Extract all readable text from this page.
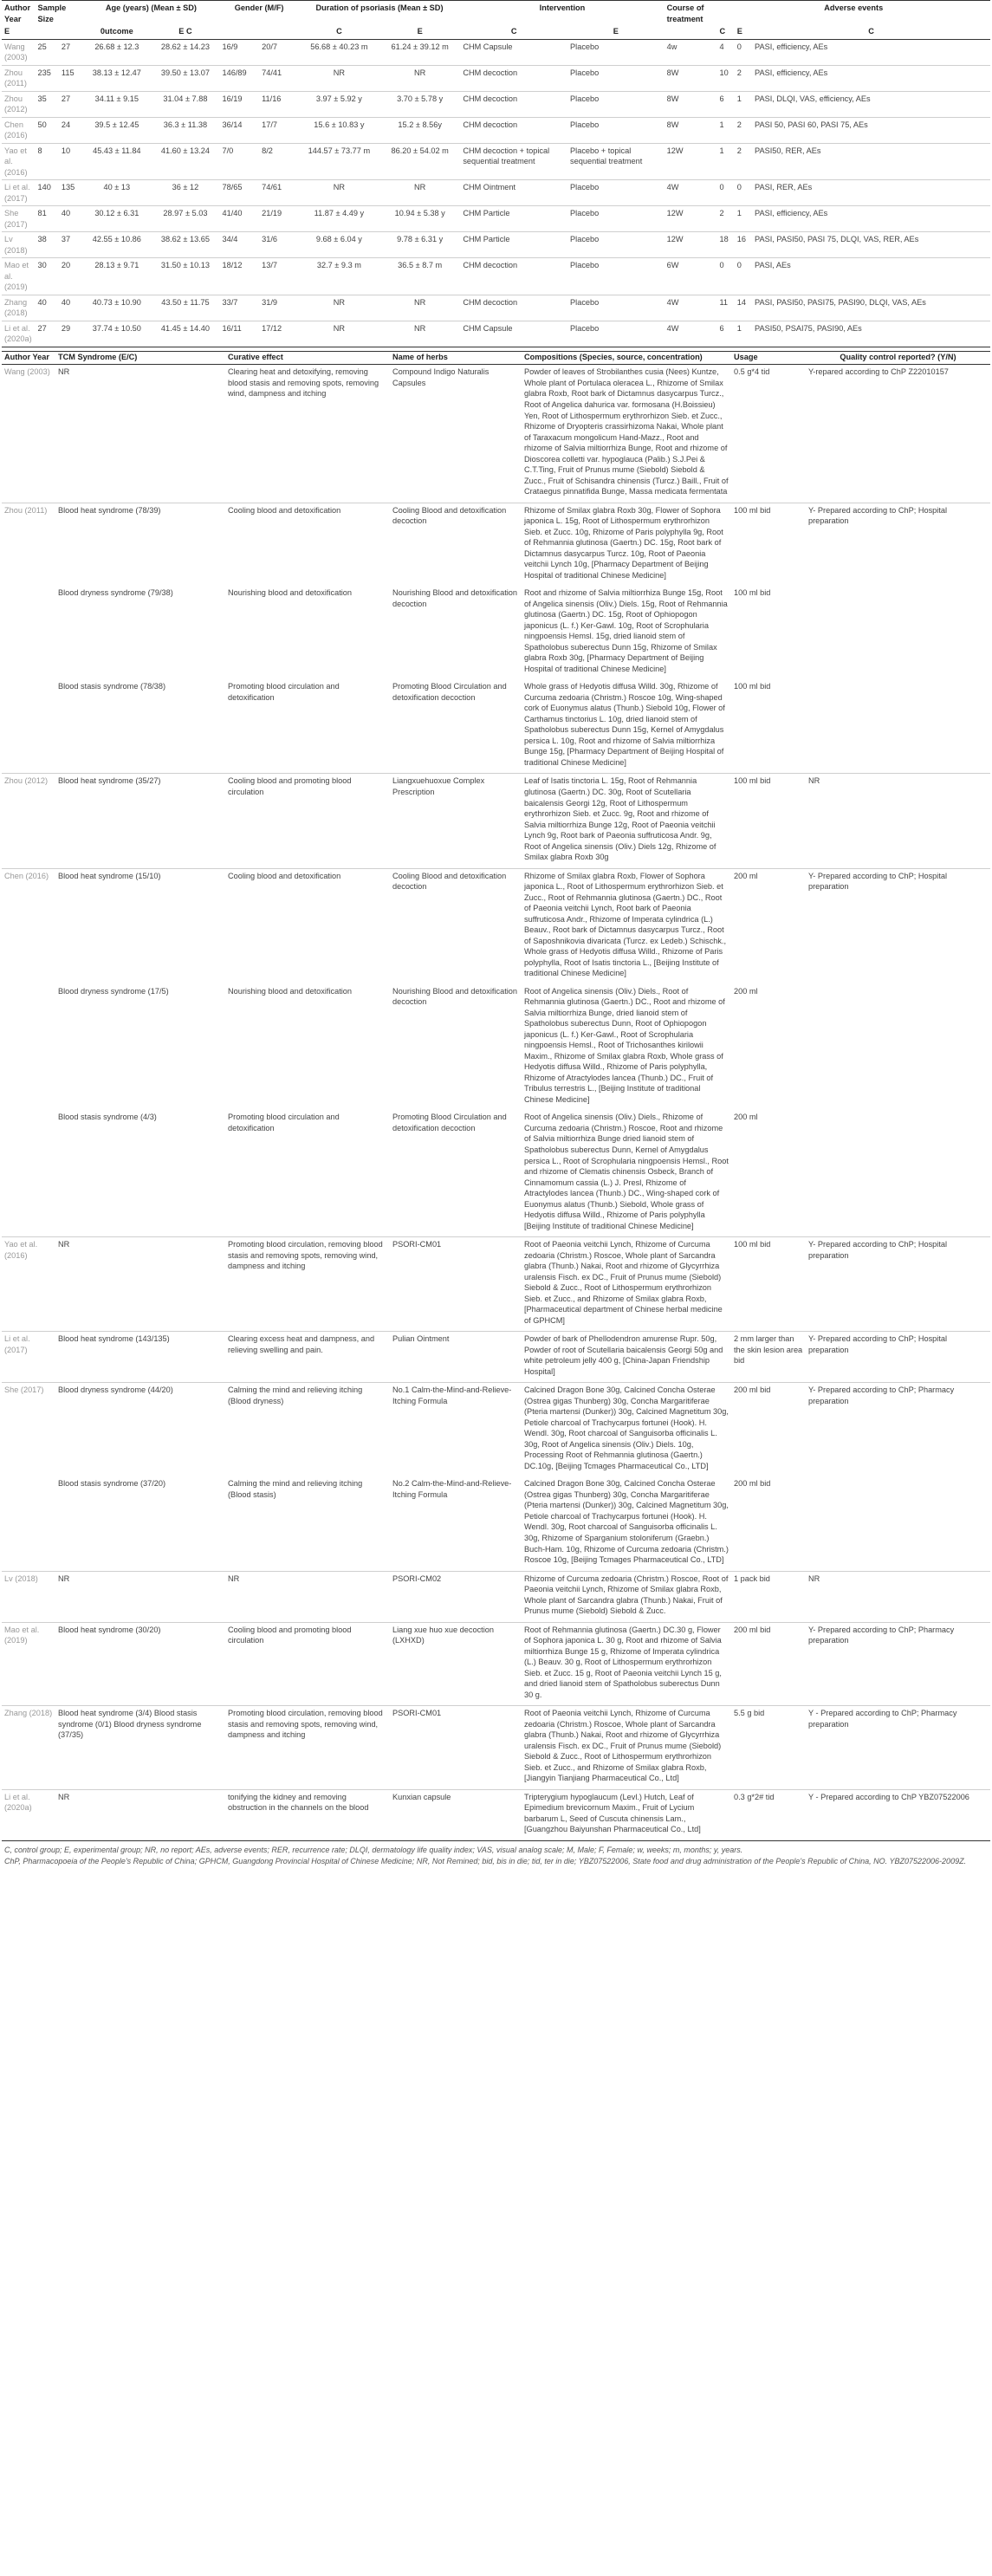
Author Year	Sample Size		Age (years) (Mean ± SD)		Gender (M/F)		Duration of psoriasis (Mean ± SD)		Intervention		Course of treatment	Adverse events		
E			0utcome	E C			C	E	C	E		C	E	C
Wang (2003)	25	27	26.68 ± 12.3	28.62 ± 14.23	16/9	20/7	56.68 ± 40.23 m	61.24 ± 39.12 m	CHM Capsule	Placebo	4w	4	0	PASI, efficiency, AEs
Zhou (2011)	235	115	38.13 ± 12.47	39.50 ± 13.07	146/89	74/41	NR	NR	CHM decoction	Placebo	8W	10	2	PASI, efficiency, AEs
Zhou (2012)	35	27	34.11 ± 9.15	31.04 ± 7.88	16/19	11/16	3.97 ± 5.92 y	3.70 ± 5.78 y	CHM decoction	Placebo	8W	6	1	PASI, DLQI, VAS, efficiency, AEs
Chen (2016)	50	24	39.5 ± 12.45	36.3 ± 11.38	36/14	17/7	15.6 ± 10.83 y	15.2 ± 8.56y	CHM decoction	Placebo	8W	1	2	PASI 50, PASI 60, PASI 75, AEs
Yao et al. (2016)	8	10	45.43 ± 11.84	41.60 ± 13.24	7/0	8/2	144.57 ± 73.77 m	86.20 ± 54.02 m	CHM decoction + topical sequential treatment	Placebo + topical sequential treatment	12W	1	2	PASI50, RER, AEs
Li et al. (2017)	140	135	40 ± 13	36 ± 12	78/65	74/61	NR	NR	CHM Ointment	Placebo	4W	0	0	PASI, RER, AEs
She (2017)	81	40	30.12 ± 6.31	28.97 ± 5.03	41/40	21/19	11.87 ± 4.49 y	10.94 ± 5.38 y	CHM Particle	Placebo	12W	2	1	PASI, efficiency, AEs
Lv (2018)	38	37	42.55 ± 10.86	38.62 ± 13.65	34/4	31/6	9.68 ± 6.04 y	9.78 ± 6.31 y	CHM Particle	Placebo	12W	18	16	PASI, PASI50, PASI 75, DLQI, VAS, RER, AEs
Mao et al. (2019)	30	20	28.13 ± 9.71	31.50 ± 10.13	18/12	13/7	32.7 ± 9.3 m	36.5 ± 8.7 m	CHM decoction	Placebo	6W	0	0	PASI, AEs
Zhang (2018)	40	40	40.73 ± 10.90	43.50 ± 11.75	33/7	31/9	NR	NR	CHM decoction	Placebo	4W	11	14	PASI, PASI50, PASI75, PASI90, DLQI, VAS, AEs
Li et al. (2020a)	27	29	37.74 ± 10.50	41.45 ± 14.40	16/11	17/12	NR	NR	CHM Capsule	Placebo	4W	6	1	PASI50, PSAI75, PASI90, AEs
Author Year	TCM Syndrome (E/C)	Curative effect	Name of herbs	Compositions (Species, source, concentration)	Usage	Quality control reported? (Y/N)
Wang (2003)	NR	Clearing heat and detoxifying, removing blood stasis and removing spots, removing wind, dampness and itching	Compound Indigo Naturalis Capsules	Powder of leaves of Strobilanthes cusia (Nees) Kuntze, Whole plant of Portulaca oleracea L., Rhizome of Smilax glabra Roxb, Root bark of Dictamnus dasycarpus Turcz., Root of Angelica dahurica var. formosana (H.Boissieu) Yen, Root of Lithospermum erythrorhizon Sieb. et Zucc., Rhizome of Dryopteris crassirhizoma Nakai, Whole plant of Taraxacum mongolicum Hand-Mazz., Root and rhizome of Salvia miltiorrhiza Bunge, Root and rhizome of Dioscorea colletti var. hypoglauca (Palib.) S.J.Pei & C.T.Ting, Fruit of Prunus mume (Siebold) Siebold & Zucc., Fruit of Schisandra chinensis (Turcz.) Baill., Fruit of Crataegus pinnatifida Bunge, Massa medicata fermentata	0.5 g*4 tid	Y-repared according to ChP Z22010157
Zhou (2011)	Blood heat syndrome (78/39)	Cooling blood and detoxification	Cooling Blood and detoxification decoction	Rhizome of Smilax glabra Roxb 30g, Flower of Sophora japonica L. 15g, Root of Lithospermum erythrorhizon Sieb. et Zucc. 10g, Rhizome of Paris polyphylla 9g, Root of Rehmannia glutinosa (Gaertn.) DC. 15g, Root bark of Dictamnus dasycarpus Turcz. 10g, Root of Paeonia veitchii Lynch 10g, [Pharmacy Department of Beijing Hospital of traditional Chinese Medicine]	100 ml bid	Y- Prepared according to ChP; Hospital preparation
	Blood dryness syndrome (79/38)	Nourishing blood and detoxification	Nourishing Blood and detoxification decoction	Root and rhizome of Salvia miltiorrhiza Bunge 15g, Root of Angelica sinensis (Oliv.) Diels. 15g, Root of Rehmannia glutinosa (Gaertn.) DC. 15g, Root of Ophiopogon japonicus (L. f.) Ker-Gawl. 10g, Root of Scrophularia ningpoensis Hemsl. 15g, dried lianoid stem of Spatholobus suberectus Dunn 15g, Rhizome of Smilax glabra Roxb 30g, [Pharmacy Department of Beijing Hospital of traditional Chinese Medicine]	100 ml bid	
	Blood stasis syndrome (78/38)	Promoting blood circulation and detoxification	Promoting Blood Circulation and detoxification decoction	Whole grass of Hedyotis diffusa Willd. 30g, Rhizome of Curcuma zedoaria (Christm.) Roscoe 10g, Wing-shaped cork of Euonymus alatus (Thunb.) Siebold 10g, Flower of Carthamus tinctorius L. 10g, dried lianoid stem of Spatholobus suberectus Dunn 15g, Kernel of Amygdalus persica L. 10g, Root and rhizome of Salvia miltiorrhiza Bunge 15g, [Pharmacy Department of Beijing Hospital of traditional Chinese Medicine]	100 ml bid	
Zhou (2012)	Blood heat syndrome (35/27)	Cooling blood and promoting blood circulation	Liangxuehuoxue Complex Prescription	Leaf of Isatis tinctoria L. 15g, Root of Rehmannia glutinosa (Gaertn.) DC. 30g, Root of Scutellaria baicalensis Georgi 12g, Root of Lithospermum erythrorhizon Sieb. et Zucc. 9g, Root and rhizome of Salvia miltiorrhiza Bunge 12g, Root of Paeonia veitchii Lynch 9g, Root bark of Paeonia suffruticosa Andr. 9g, Root of Angelica sinensis (Oliv.) Diels 12g, Rhizome of Smilax glabra Roxb 30g	100 ml bid	NR
Chen (2016)	Blood heat syndrome (15/10)	Cooling blood and detoxification	Cooling Blood and detoxification decoction	Rhizome of Smilax glabra Roxb, Flower of Sophora japonica L., Root of Lithospermum erythrorhizon Sieb. et Zucc., Root of Rehmannia glutinosa (Gaertn.) DC., Root of Paeonia veitchii Lynch, Root bark of Paeonia suffruticosa Andr., Rhizome of Imperata cylindrica (L.) Beauv., Root bark of Dictamnus dasycarpus Turcz., Root of Saposhnikovia divaricata (Turcz. ex Ledeb.) Schischk., Whole grass of Hedyotis diffusa Willd., Rhizome of Paris polyphylla, Root of Isatis tinctoria L., [Beijing Institute of traditional Chinese Medicine]	200 ml	Y- Prepared according to ChP; Hospital preparation
	Blood dryness syndrome (17/5)	Nourishing blood and detoxification	Nourishing Blood and detoxification decoction	Root of Angelica sinensis (Oliv.) Diels., Root of Rehmannia glutinosa (Gaertn.) DC., Root and rhizome of Salvia miltiorrhiza Bunge, dried lianoid stem of Spatholobus suberectus Dunn, Root of Ophiopogon japonicus (L. f.) Ker-Gawl., Root of Scrophularia ningpoensis Hemsl., Root of Trichosanthes kirilowii Maxim., Rhizome of Smilax glabra Roxb, Whole grass of Hedyotis diffusa Willd., Rhizome of Paris polyphylla, Rhizome of Atractylodes lancea (Thunb.) DC., Fruit of Tribulus terrestris L., [Beijing Institute of traditional Chinese Medicine]	200 ml	
	Blood stasis syndrome (4/3)	Promoting blood circulation and detoxification	Promoting Blood Circulation and detoxification decoction	Root of Angelica sinensis (Oliv.) Diels., Rhizome of Curcuma zedoaria (Christm.) Roscoe, Root and rhizome of Salvia miltiorrhiza Bunge dried lianoid stem of Spatholobus suberectus Dunn, Kernel of Amygdalus persica L., Root of Scrophularia ningpoensis Hemsl., Root and rhizome of Clematis chinensis Osbeck, Branch of Cinnamomum cassia (L.) J. Presl, Rhizome of Atractylodes lancea (Thunb.) DC., Wing-shaped cork of Euonymus alatus (Thunb.) Siebold, Whole grass of Hedyotis diffusa Willd., Rhizome of Paris polyphylla [Beijing Institute of traditional Chinese Medicine]	200 ml	
Yao et al. (2016)	NR	Promoting blood circulation, removing blood stasis and removing spots, removing wind, dampness and itching	PSORI-CM01	Root of Paeonia veitchii Lynch, Rhizome of Curcuma zedoaria (Christm.) Roscoe, Whole plant of Sarcandra glabra (Thunb.) Nakai, Root and rhizome of Glycyrrhiza uralensis Fisch. ex DC., Fruit of Prunus mume (Siebold) Siebold & Zucc., Root of Lithospermum erythrorhizon Sieb. et Zucc., and Rhizome of Smilax glabra Roxb, [Pharmaceutical department of Chinese herbal medicine of GPHCM]	100 ml bid	Y- Prepared according to ChP; Hospital preparation
Li et al. (2017)	Blood heat syndrome (143/135)	Clearing excess heat and dampness, and relieving swelling and pain.	Pulian Ointment	Powder of bark of Phellodendron amurense Rupr. 50g, Powder of root of Scutellaria baicalensis Georgi 50g and white petroleum jelly 400 g, [China-Japan Friendship Hospital]	2 mm larger than the skin lesion area bid	Y- Prepared according to ChP; Hospital preparation
She (2017)	Blood dryness syndrome (44/20)	Calming the mind and relieving itching (Blood dryness)	No.1 Calm-the-Mind-and-Relieve-Itching Formula	Calcined Dragon Bone 30g, Calcined Concha Osterae (Ostrea gigas Thunberg) 30g, Concha Margaritiferae (Pteria martensi (Dunker)) 30g, Calcined Magnetitum 30g, Petiole charcoal of Trachycarpus fortunei (Hook). H. Wendl. 30g, Root charcoal of Sanguisorba officinalis L. 30g, Root of Angelica sinensis (Oliv.) Diels. 10g, Processing Root of Rehmannia glutinosa (Gaertn.) DC.10g, [Beijing Tcmages Pharmaceutical Co., LTD]	200 ml bid	Y- Prepared according to ChP; Pharmacy preparation
	Blood stasis syndrome (37/20)	Calming the mind and relieving itching (Blood stasis)	No.2 Calm-the-Mind-and-Relieve-Itching Formula	Calcined Dragon Bone 30g, Calcined Concha Osterae (Ostrea gigas Thunberg) 30g, Concha Margaritiferae (Pteria martensi (Dunker)) 30g, Calcined Magnetitum 30g, Petiole charcoal of Trachycarpus fortunei (Hook). H. Wendl. 30g, Root charcoal of Sanguisorba officinalis L. 30g, Rhizome of Sparganium stoloniferum (Graebn.) Buch-Ham. 10g, Rhizome of Curcuma zedoaria (Christm.) Roscoe 10g, [Beijing Tcmages Pharmaceutical Co., LTD]	200 ml bid	
Lv (2018)	NR	NR	PSORI-CM02	Rhizome of Curcuma zedoaria (Christm.) Roscoe, Root of Paeonia veitchii Lynch, Rhizome of Smilax glabra Roxb, Whole plant of Sarcandra glabra (Thunb.) Nakai, Fruit of Prunus mume (Siebold) Siebold & Zucc.	1 pack bid	NR
Mao et al. (2019)	Blood heat syndrome (30/20)	Cooling blood and promoting blood circulation	Liang xue huo xue decoction (LXHXD)	Root of Rehmannia glutinosa (Gaertn.) DC.30 g, Flower of Sophora japonica L. 30 g, Root and rhizome of Salvia miltiorrhiza Bunge 15 g, Rhizome of Imperata cylindrica (L.) Beauv. 30 g, Root of Lithospermum erythrorhizon Sieb. et Zucc. 15 g, Root of Paeonia veitchii Lynch 15 g, and dried lianoid stem of Spatholobus suberectus Dunn 30 g.	200 ml bid	Y- Prepared according to ChP; Pharmacy preparation
Zhang (2018)	Blood heat syndrome (3/4) Blood stasis syndrome (0/1) Blood dryness syndrome (37/35)	Promoting blood circulation, removing blood stasis and removing spots, removing wind, dampness and itching	PSORI-CM01	Root of Paeonia veitchii Lynch, Rhizome of Curcuma zedoaria (Christm.) Roscoe, Whole plant of Sarcandra glabra (Thunb.) Nakai, Root and rhizome of Glycyrrhiza uralensis Fisch. ex DC., Fruit of Prunus mume (Siebold) Siebold & Zucc., Root of Lithospermum erythrorhizon Sieb. et Zucc., and Rhizome of Smilax glabra Roxb, [Jiangyin Tianjiang Pharmaceutical Co., Ltd]	5.5 g bid	Y - Prepared according to ChP; Pharmacy preparation
Li et al. (2020a)	NR	tonifying the kidney and removing obstruction in the channels on the blood	Kunxian capsule	Tripterygium hypoglaucum (Levl.) Hutch, Leaf of Epimedium brevicornum Maxim., Fruit of Lycium barbarum L, Seed of Cuscuta chinensis Lam., [Guangzhou Baiyunshan Pharmaceutical Co., Ltd]	0.3 g*2# tid	Y - Prepared according to ChP YBZ07522006
C, control group; E, experimental group; NR, no report; AEs, adverse events; RER, recurrence rate; DLQI, dermatology life quality index; VAS, visual analog scale; M, Male; F, Female; w, weeks; m, months; y, years.
ChP, Pharmacopoeia of the People's Republic of China; GPHCM, Guangdong Provincial Hospital of Chinese Medicine; NR, Not Remined; bid, bis in die; tid, ter in die; YBZ07522006, State food and drug administration of the People's Republic of China, NO. YBZ07522006-2009Z.
